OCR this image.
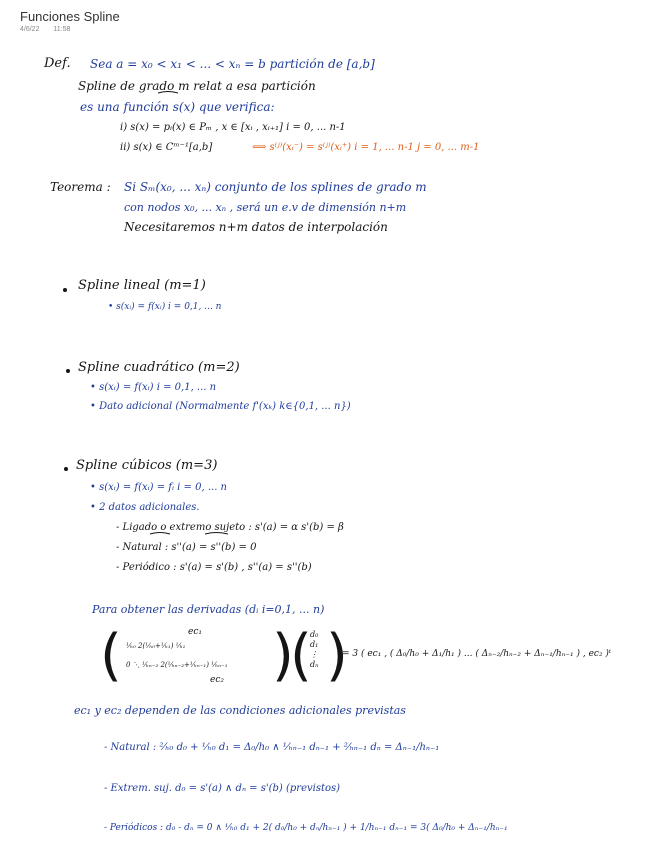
Funciones Spline
4/6/22 11:58
Def. Sea a = x₀ < x₁ < ... < xₙ = b partición de [a,b]
Spline de grado m relat a esa partición
es una función s(x) que verifica:
i) s(x) = pᵢ(x) ∈ Pₘ , x ∈ [xᵢ , xᵢ₊₁] i = 0, ... n-1
ii) s(x) ∈ Cᵐ⁻¹[a,b]	⟺ s⁽ʲ⁾(xᵢ⁻) = s⁽ʲ⁾(xᵢ⁺) i = 1, ... n-1 j = 0, ... m-1
Teorema : Si Sₘ(x₀, ... xₙ) conjunto de los splines de grado m
con nodos x₀, ... xₙ , será un e.v de dimensión n+m
Necesitaremos n+m datos de interpolación
Spline lineal (m=1)
• s(xᵢ) = f(xᵢ) i = 0,1, ... n
Spline cuadrático (m=2)
• s(xᵢ) = f(xᵢ) i = 0,1, ... n
• Dato adicional (Normalmente f'(xₖ) k∈{0,1, ... n})
Spline cúbicos (m=3)
• s(xᵢ) = f(xᵢ) = fᵢ i = 0, ... n
• 2 datos adicionales.
- Ligado o extremo sujeto : s'(a) = α s'(b) = β
- Natural : s''(a) = s''(b) = 0
- Periódico : s'(a) = s'(b) , s''(a) = s''(b)
Para obtener las derivadas (dᵢ i=0,1, ... n)
(	ec₁
¹⁄ₕ₀ 2(¹⁄ₕ₀+¹⁄ₕ₁) ¹⁄ₕ₁
0 ⋱ ¹⁄ₕₙ₋₂ 2(¹⁄ₕₙ₋₂+¹⁄ₕₙ₋₁) ¹⁄ₕₙ₋₁
ec₂ )
(
d₀
d₁
⋮
dₙ )
= 3 ( ec₁ , ( Δ₀/h₀ + Δ₁/h₁ ) ... ( Δₙ₋₂/hₙ₋₂ + Δₙ₋₁/hₙ₋₁ ) , ec₂ )ᵗ
ec₁ y ec₂ dependen de las condiciones adicionales previstas
- Natural : ²⁄ₕ₀ d₀ + ¹⁄ₕ₀ d₁ = Δ₀/h₀ ∧ ¹⁄ₕₙ₋₁ dₙ₋₁ + ²⁄ₕₙ₋₁ dₙ = Δₙ₋₁/hₙ₋₁
- Extrem. suj. d₀ = s'(a) ∧ dₙ = s'(b) (previstos)
- Periódicos : d₀ - dₙ = 0 ∧ ¹⁄ₕ₀ d₁ + 2( d₀/h₀ + dₙ/hₙ₋₁ ) + 1/hₙ₋₁ dₙ₋₁ = 3( Δ₀/h₀ + Δₙ₋₁/hₙ₋₁
